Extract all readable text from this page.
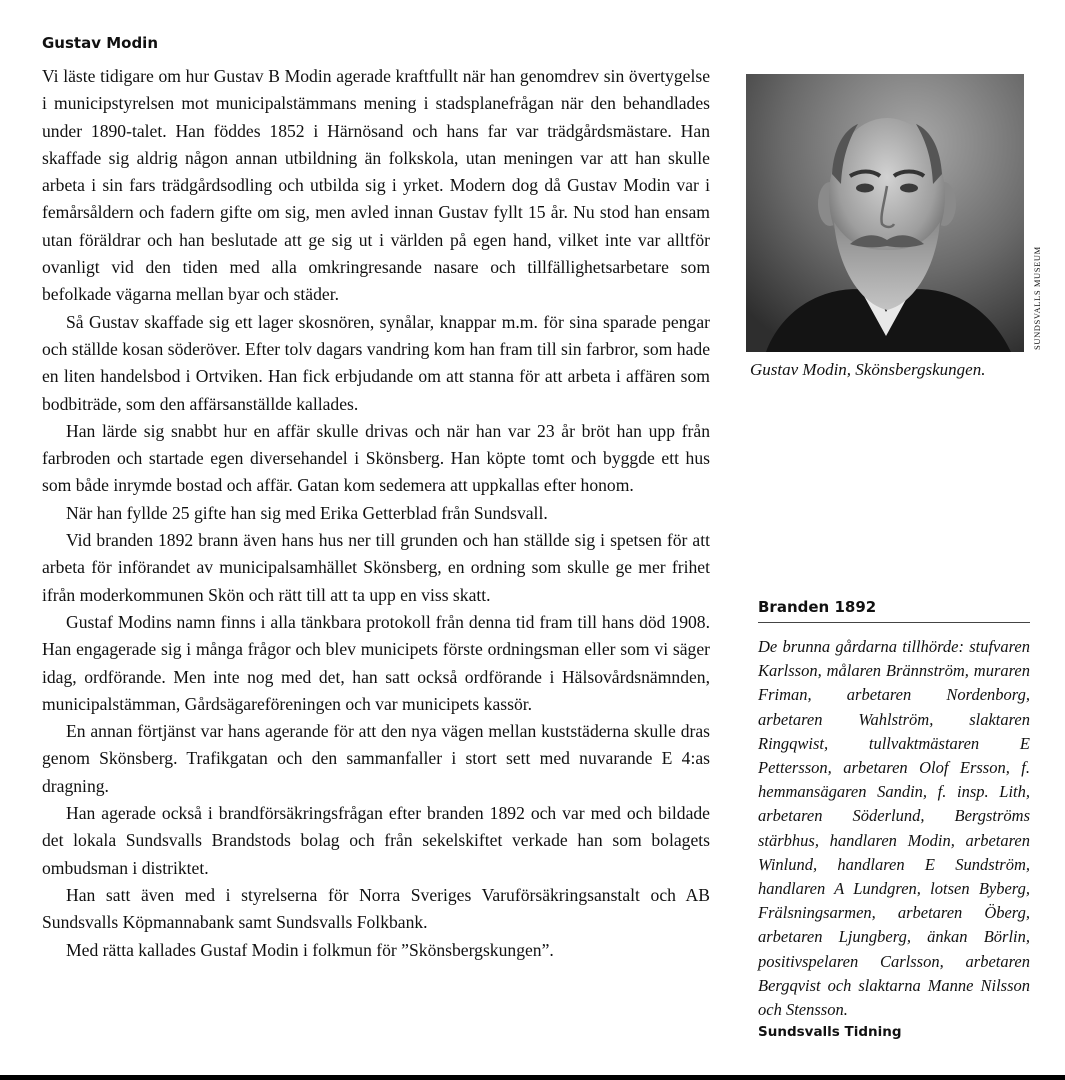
Gustav Modin

Vi läste tidigare om hur Gustav B Modin agerade kraftfullt när han genomdrev sin övertygelse i municipstyrelsen mot municipalstämmans mening i stadsplanefrågan när den behandlades under 1890-talet. Han föddes 1852 i Härnösand och hans far var trädgårdsmästare. Han skaffade sig aldrig någon annan utbildning än folkskola, utan meningen var att han skulle arbeta i sin fars trädgårdsodling och utbilda sig i yrket. Modern dog då Gustav Modin var i femårsåldern och fadern gifte om sig, men avled innan Gustav fyllt 15 år. Nu stod han ensam utan föräldrar och han beslutade att ge sig ut i världen på egen hand, vilket inte var alltför ovanligt vid den tiden med alla omkringresande nasare och tillfällighetsarbetare som befolkade vägarna mellan byar och städer.

Så Gustav skaffade sig ett lager skosnören, synålar, knappar m.m. för sina sparade pengar och ställde kosan söderöver. Efter tolv dagars vandring kom han fram till sin farbror, som hade en liten handelsbod i Ortviken. Han fick erbjudande om att stanna för att arbeta i affären som bodbiträde, som den affärsanställde kallades.

Han lärde sig snabbt hur en affär skulle drivas och när han var 23 år bröt han upp från farbroden och startade egen diversehandel i Skönsberg. Han köpte tomt och byggde ett hus som både inrymde bostad och affär. Gatan kom sedemera att uppkallas efter honom.

När han fyllde 25 gifte han sig med Erika Getterblad från Sundsvall.

Vid branden 1892 brann även hans hus ner till grunden och han ställde sig i spetsen för att arbeta för införandet av municipalsamhället Skönsberg, en ordning som skulle ge mer frihet ifrån moderkommunen Skön och rätt till att ta upp en viss skatt.

Gustaf Modins namn finns i alla tänkbara protokoll från denna tid fram till hans död 1908. Han engagerade sig i många frågor och blev municipets förste ordningsman eller som vi säger idag, ordförande. Men inte nog med det, han satt också ordförande i Hälsovårdsnämnden, municipalstämman, Gårdsägareföreningen och var municipets kassör.

En annan förtjänst var hans agerande för att den nya vägen mellan kuststäderna skulle dras genom Skönsberg. Trafikgatan och den sammanfaller i stort sett med nuvarande E 4:as dragning.

Han agerade också i brandförsäkringsfrågan efter branden 1892 och var med och bildade det lokala Sundsvalls Brandstods bolag och från sekelskiftet verkade han som bolagets ombudsman i distriktet.

Han satt även med i styrelserna för Norra Sveriges Varuförsäkringsanstalt och AB Sundsvalls Köpmannabank samt Sundsvalls Folkbank.

Med rätta kallades Gustaf Modin i folkmun för ”Skönsbergskungen”.

SUNDSVALLS MUSEUM

Gustav Modin, Skönsbergskungen.

Branden 1892

De brunna gårdarna tillhörde: stufvaren Karlsson, målaren Brännström, muraren Friman, arbetaren Nordenborg, arbetaren Wahlström, slaktaren Ringqwist, tullvaktmästaren E Pettersson, arbetaren Olof Ersson, f. hemmansägaren Sandin, f. insp. Lith, arbetaren Söderlund, Bergströms stärbhus, handlaren Modin, arbetaren Winlund, handlaren E Sundström, handlaren A Lundgren, lotsen Byberg, Frälsningsarmen, arbetaren Öberg, arbetaren Ljungberg, änkan Börlin, positivspelaren Carlsson, arbetaren Bergqvist och slaktarna Manne Nilsson och Stensson.

Sundsvalls Tidning
